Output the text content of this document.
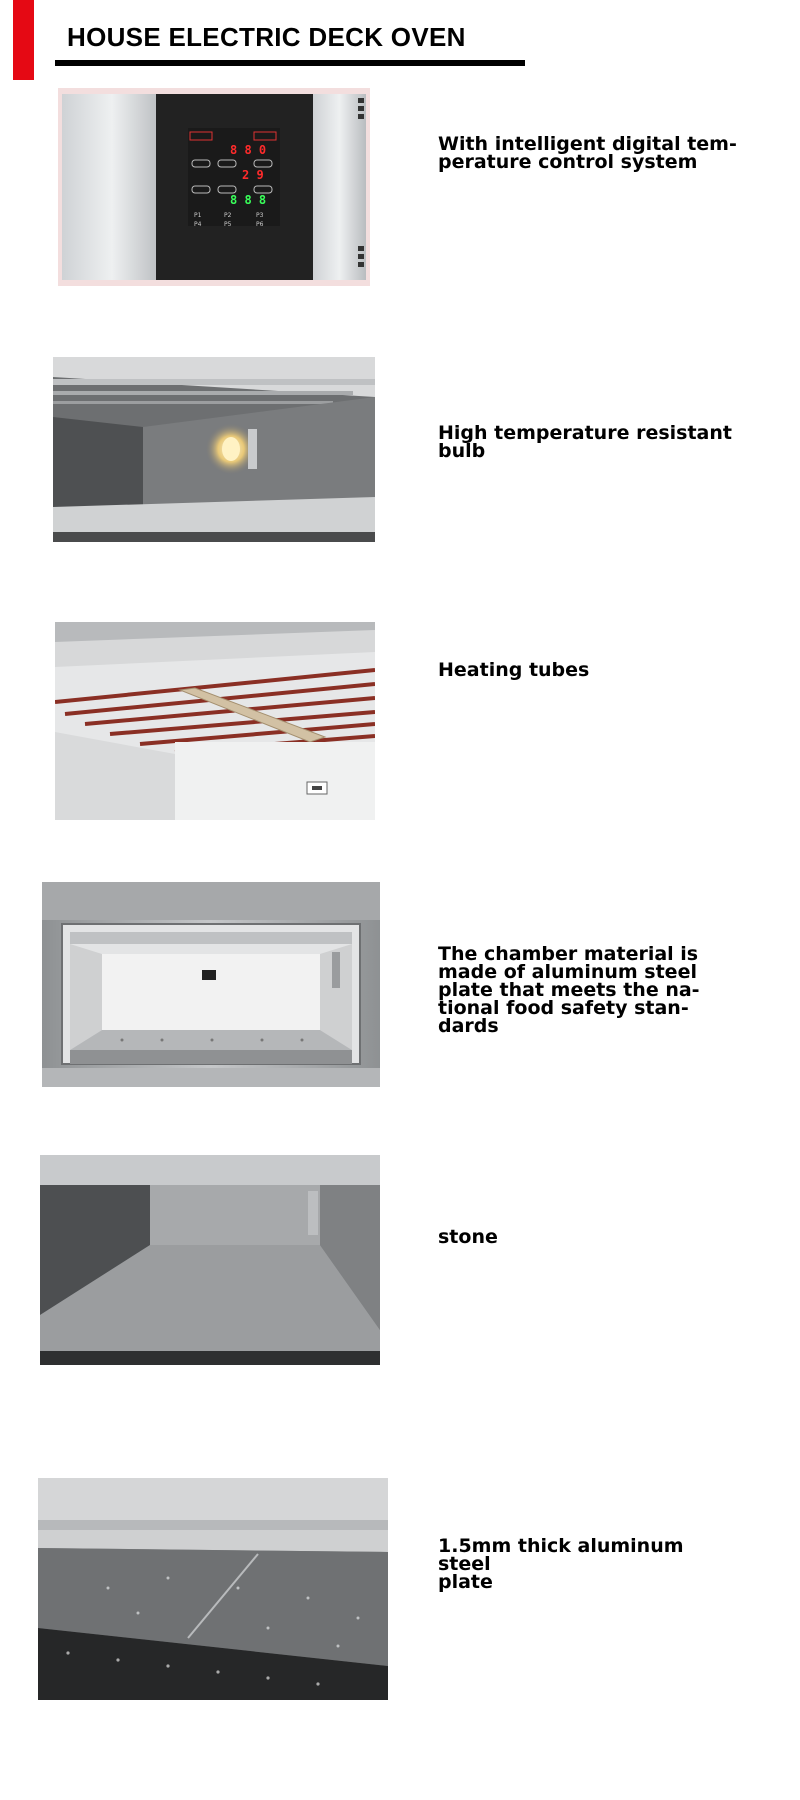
HOUSE ELECTRIC DECK OVEN
8 8 0
2 9
8 8 8
P1	P2	P3
P4	P5	P6

With intelligent digital tem-
perature control system

High temperature resistant
bulb

Heating tubes

The chamber material is
made of aluminum steel
plate that meets the na-
tional food safety stan-
dards

stone

1.5mm thick aluminum steel
plate
